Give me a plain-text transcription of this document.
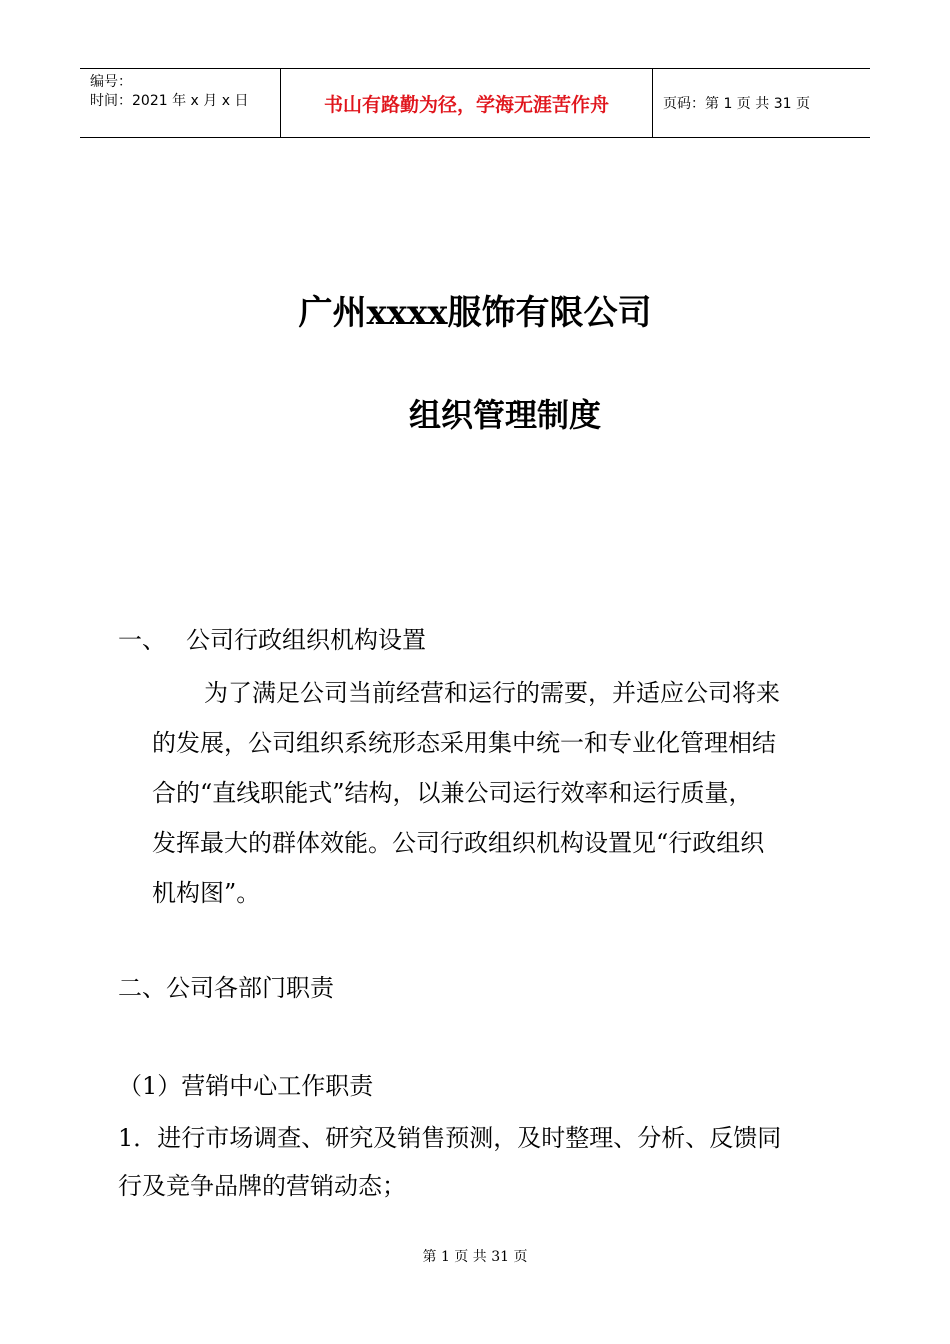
编号：
时间：2021 年 x 月 x 日	书山有路勤为径，学海无涯苦作舟	页码：第 1 页 共 31 页
广州xxxx服饰有限公司
组织管理制度
一、 公司行政组织机构设置
为了满足公司当前经营和运行的需要，并适应公司将来
的发展，公司组织系统形态采用集中统一和专业化管理相结
合的“直线职能式”结构，以兼公司运行效率和运行质量，
发挥最大的群体效能。公司行政组织机构设置见“行政组织
机构图”。
二、公司各部门职责
（1）营销中心工作职责
1．进行市场调查、研究及销售预测，及时整理、分析、反馈同
行及竞争品牌的营销动态；
第 1 页 共 31 页
